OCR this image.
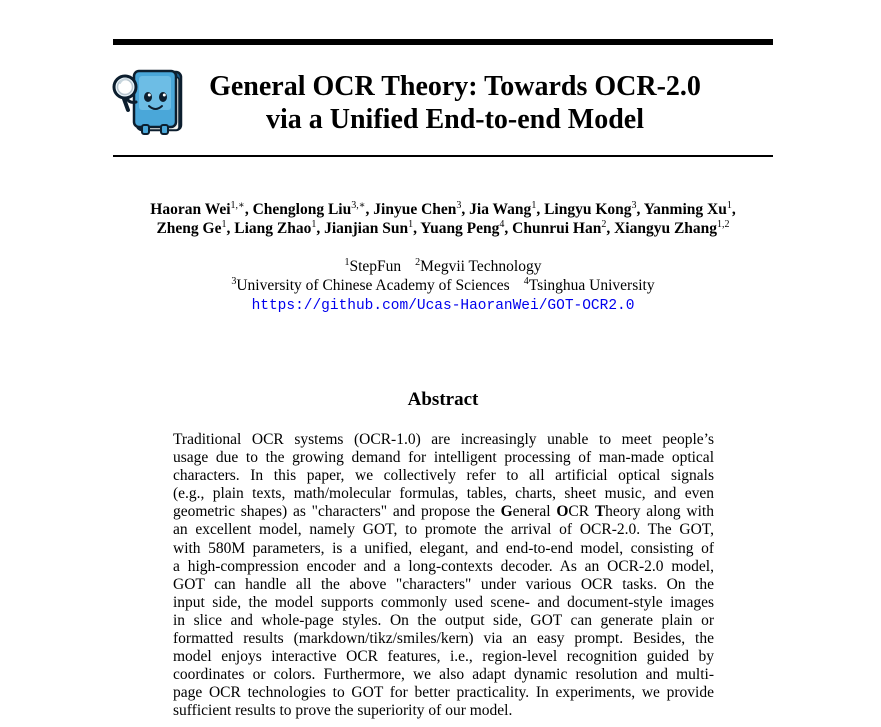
General OCR Theory: Towards OCR-2.0
via a Unified End-to-end Model
Haoran Wei$^{1,∗}$, Chenglong Liu$^{3,∗}$, Jinyue Chen$^3$, Jia Wang$^1$, Lingyu Kong$^3$, Yanming Xu$^1$,
Zheng Ge$^1$, Liang Zhao$^1$, Jianjian Sun$^1$, Yuang Peng$^4$, Chunrui Han$^2$, Xiangyu Zhang$^{1,2}$
$^1$StepFun $^2$Megvii Technology
$^3$University of Chinese Academy of Sciences $^4$Tsinghua University
https://github.com/Ucas-HaoranWei/GOT-OCR2.0
Abstract
Traditional OCR systems (OCR-1.0) are increasingly unable to meet people’s
usage due to the growing demand for intelligent processing of man-made optical
characters. In this paper, we collectively refer to all artificial optical signals
(e.g., plain texts, math/molecular formulas, tables, charts, sheet music, and even
geometric shapes) as "characters" and propose the General OCR Theory along with
an excellent model, namely GOT, to promote the arrival of OCR-2.0. The GOT,
with 580M parameters, is a unified, elegant, and end-to-end model, consisting of
a high-compression encoder and a long-contexts decoder. As an OCR-2.0 model,
GOT can handle all the above "characters" under various OCR tasks. On the
input side, the model supports commonly used scene- and document-style images
in slice and whole-page styles. On the output side, GOT can generate plain or
formatted results (markdown/tikz/smiles/kern) via an easy prompt. Besides, the
model enjoys interactive OCR features, i.e., region-level recognition guided by
coordinates or colors. Furthermore, we also adapt dynamic resolution and multi-
page OCR technologies to GOT for better practicality. In experiments, we provide
sufficient results to prove the superiority of our model.
